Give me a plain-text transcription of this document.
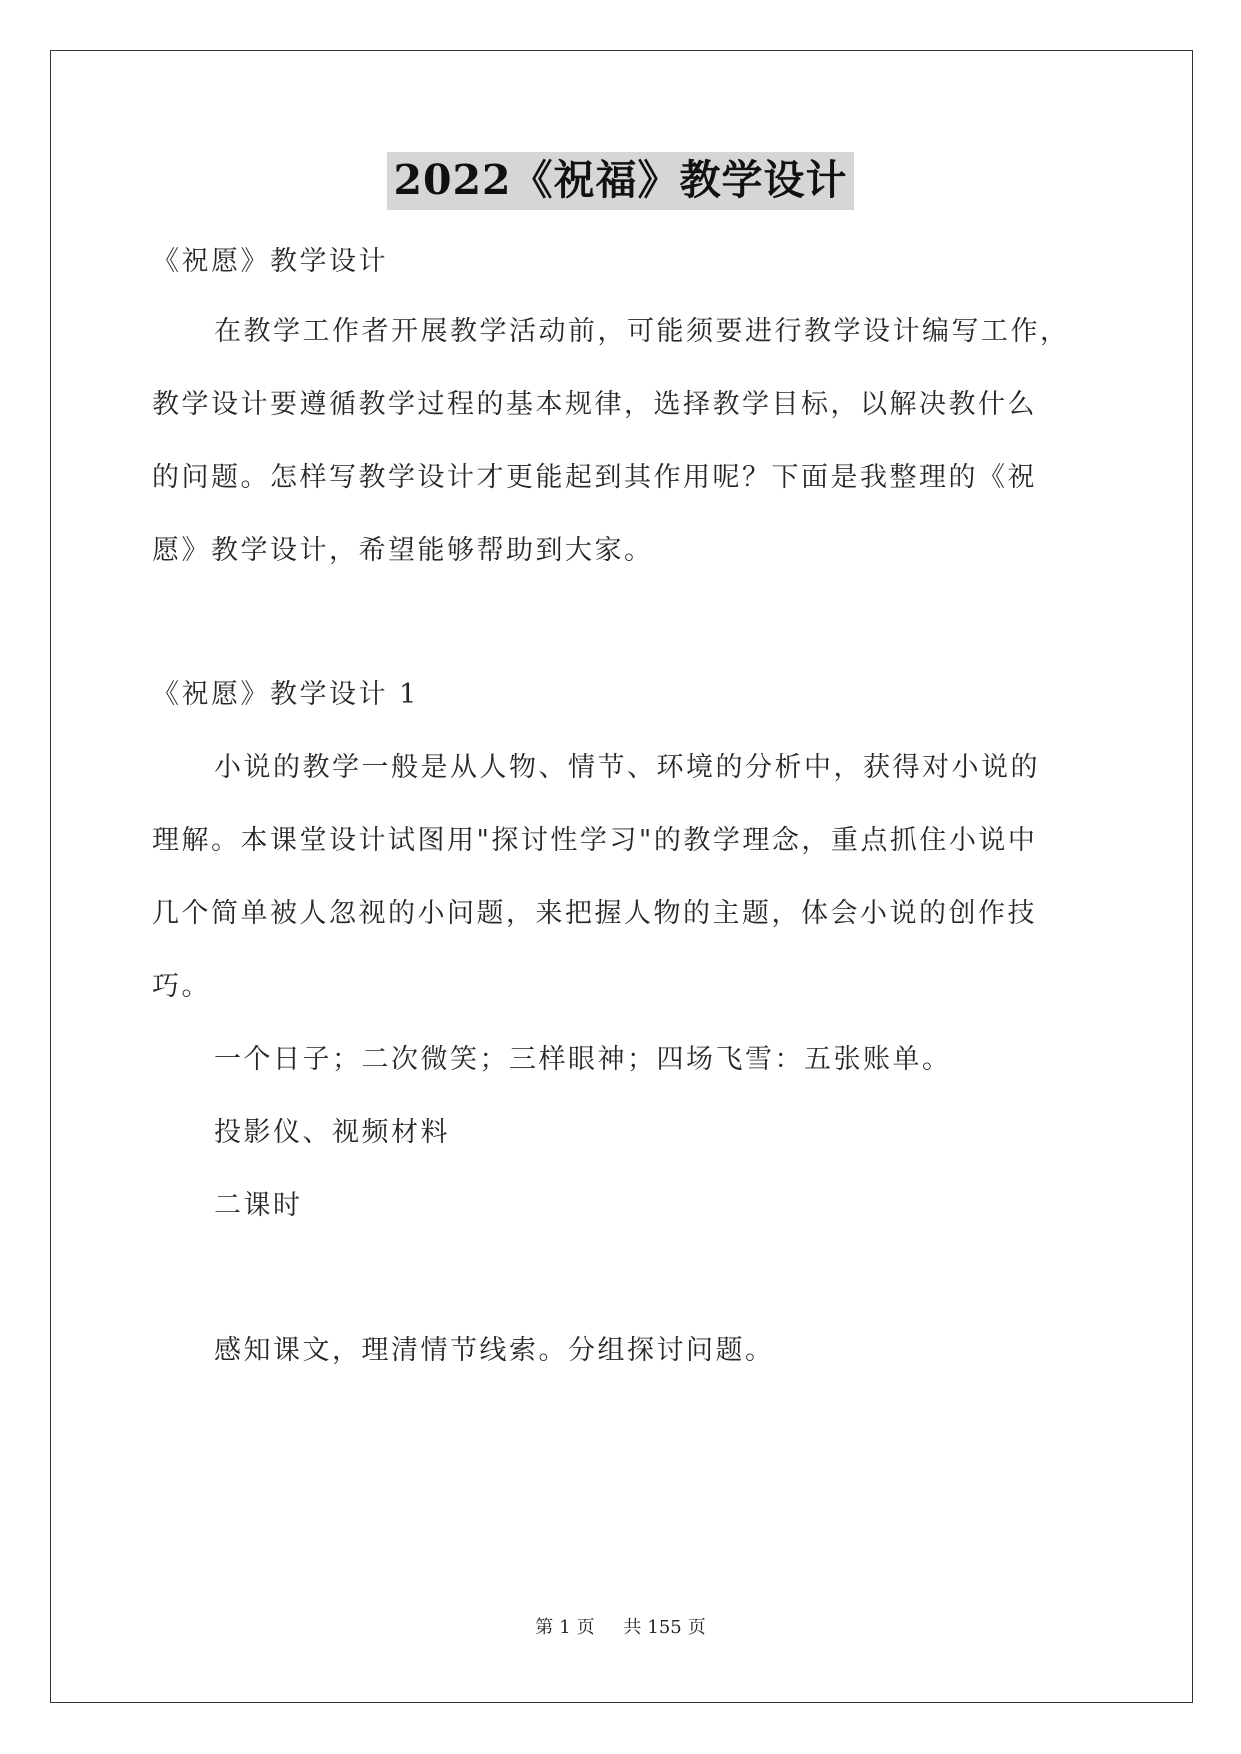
2022《祝福》教学设计
《祝愿》教学设计
在教学工作者开展教学活动前，可能须要进行教学设计编写工作，
教学设计要遵循教学过程的基本规律，选择教学目标，以解决教什么
的问题。怎样写教学设计才更能起到其作用呢？下面是我整理的《祝
愿》教学设计，希望能够帮助到大家。
《祝愿》教学设计 1
小说的教学一般是从人物、情节、环境的分析中，获得对小说的
理解。本课堂设计试图用"探讨性学习"的教学理念，重点抓住小说中
几个简单被人忽视的小问题，来把握人物的主题，体会小说的创作技
巧。
一个日子；二次微笑；三样眼神；四场飞雪：五张账单。
投影仪、视频材料
二课时
感知课文，理清情节线索。分组探讨问题。
第 1 页 共 155 页
